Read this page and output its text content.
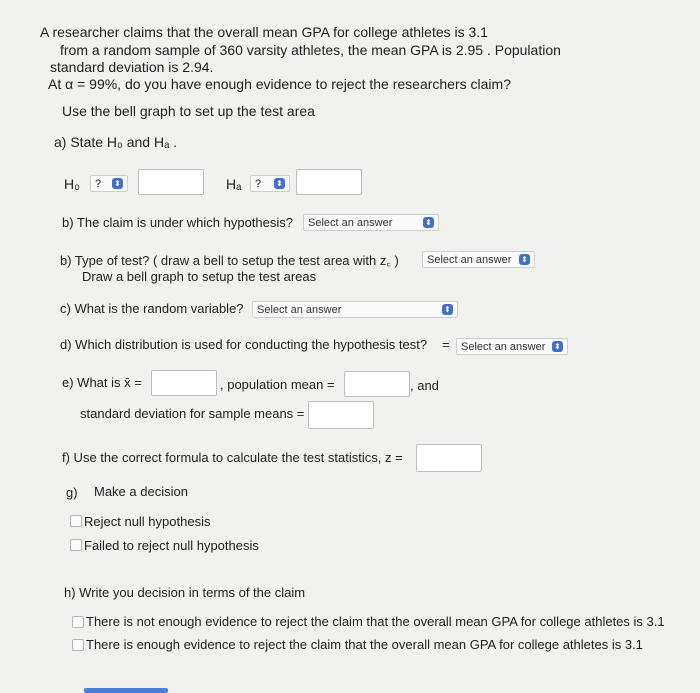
A researcher claims that the overall mean GPA for college athletes is 3.1
from a random sample of 360 varsity athletes, the mean GPA is 2.95 . Population
standard deviation is 2.94.
At α = 99%, do you have enough evidence to reject the researchers claim?
Use the bell graph to set up the test area
a) State H₀ and Hₐ .
H₀	? ⬍	Hₐ	? ⬍
b) The claim is under which hypothesis?	Select an answer	⬍
b) Type of test? ( draw a bell to setup the test area with z꜀ )	Select an answer ⬍
Draw a bell graph to setup the test areas
c) What is the random variable?	Select an answer	⬍
d) Which distribution is used for conducting the hypothesis test? =	Select an answer ⬍
e) What is x̄ =	, population mean =	, and
standard deviation for sample means =
f) Use the correct formula to calculate the test statistics, z =
g) Make a decision
Reject null hypothesis
Failed to reject null hypothesis
h) Write you decision in terms of the claim
There is not enough evidence to reject the claim that the overall mean GPA for college athletes is 3.1
There is enough evidence to reject the claim that the overall mean GPA for college athletes is 3.1
